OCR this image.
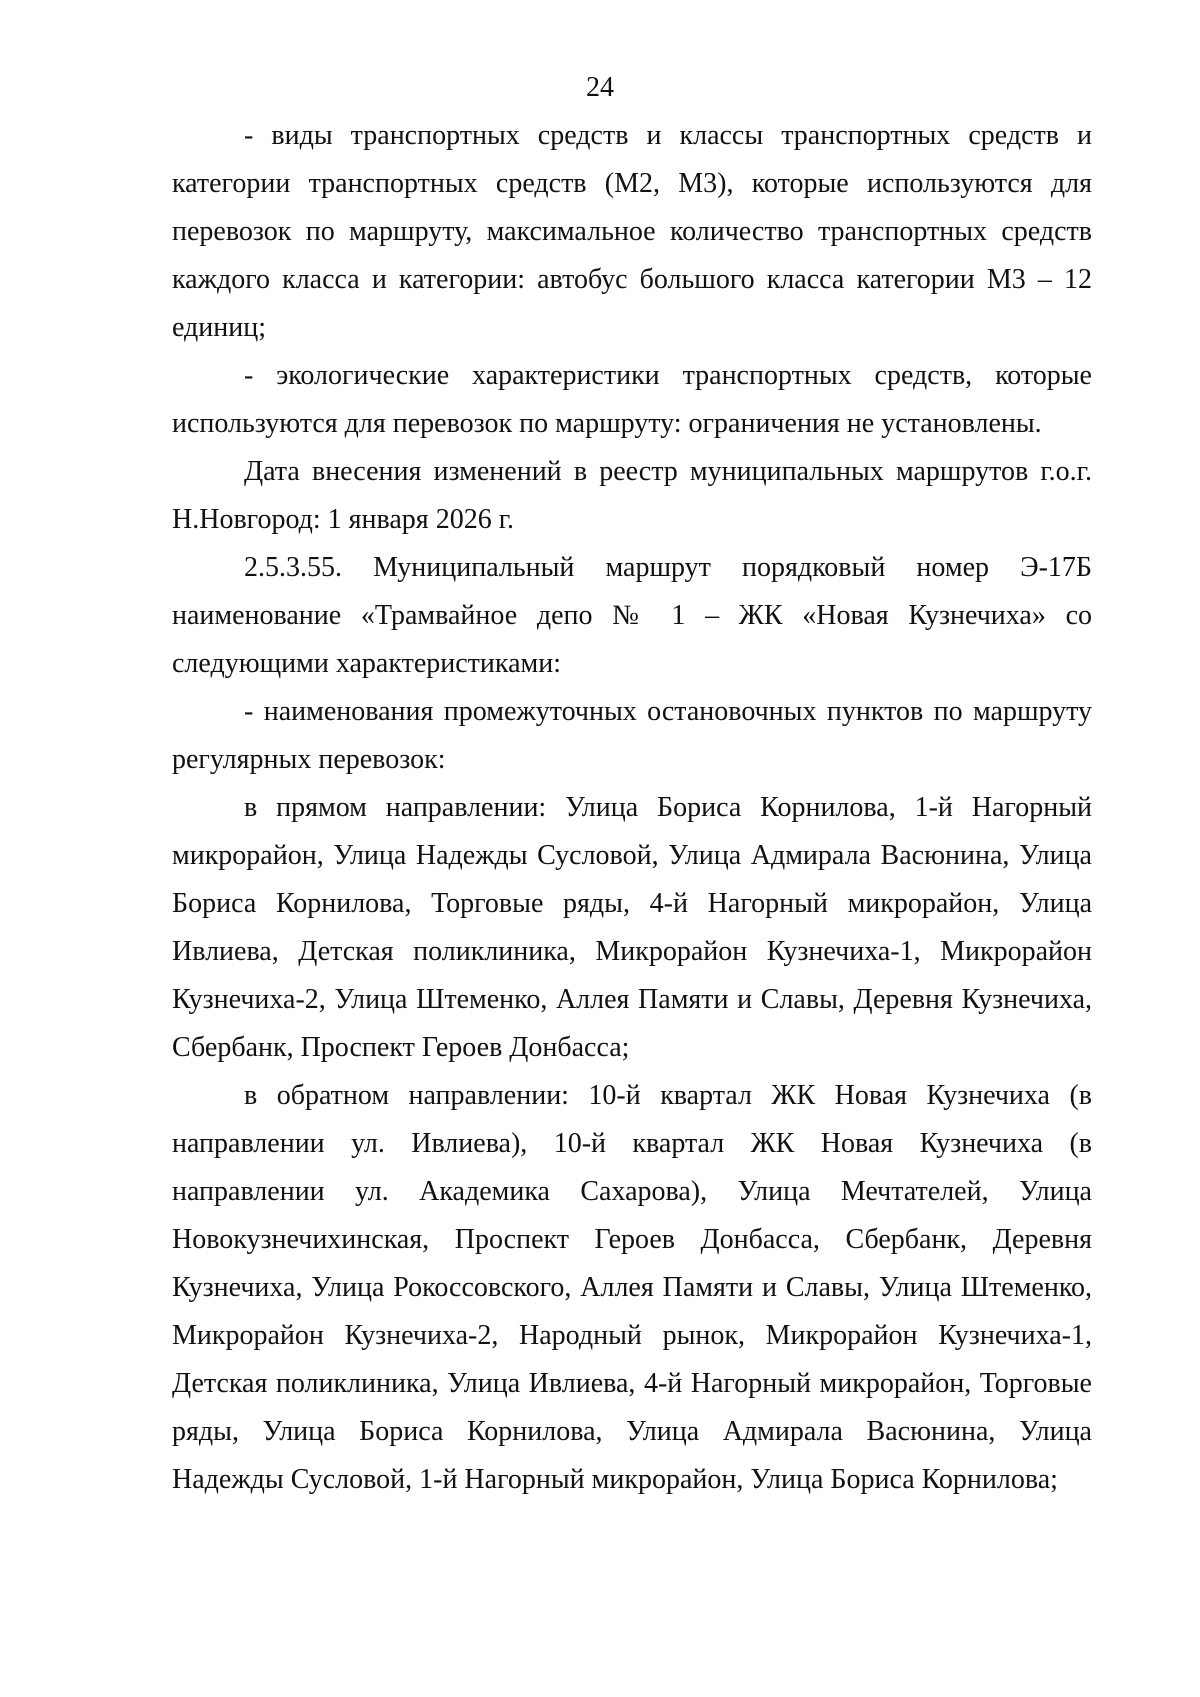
24

- виды транспортных средств и классы транспортных средств и категории транспортных средств (М2, М3), которые используются для перевозок по маршруту, максимальное количество транспортных средств каждого класса и категории: автобус большого класса категории М3 – 12 единиц;

- экологические характеристики транспортных средств, которые используются для перевозок по маршруту: ограничения не установлены.

Дата внесения изменений в реестр муниципальных маршрутов г.о.г. Н.Новгород: 1 января 2026 г.

2.5.3.55. Муниципальный маршрут порядковый номер Э-17Б наименование «Трамвайное депо № 1 – ЖК «Новая Кузнечиха» со следующими характеристиками:

- наименования промежуточных остановочных пунктов по маршруту регулярных перевозок:

в прямом направлении: Улица Бориса Корнилова, 1-й Нагорный микрорайон, Улица Надежды Сусловой, Улица Адмирала Васюнина, Улица Бориса Корнилова, Торговые ряды, 4-й Нагорный микрорайон, Улица Ивлиева, Детская поликлиника, Микрорайон Кузнечиха-1, Микрорайон Кузнечиха-2, Улица Штеменко, Аллея Памяти и Славы, Деревня Кузнечиха, Сбербанк, Проспект Героев Донбасса;

в обратном направлении: 10-й квартал ЖК Новая Кузнечиха (в направлении ул. Ивлиева), 10-й квартал ЖК Новая Кузнечиха (в направлении ул. Академика Сахарова), Улица Мечтателей, Улица Новокузнечихинская, Проспект Героев Донбасса, Сбербанк, Деревня Кузнечиха, Улица Рокоссовского, Аллея Памяти и Славы, Улица Штеменко, Микрорайон Кузнечиха-2, Народный рынок, Микрорайон Кузнечиха-1, Детская поликлиника, Улица Ивлиева, 4-й Нагорный микрорайон, Торговые ряды, Улица Бориса Корнилова, Улица Адмирала Васюнина, Улица Надежды Сусловой, 1-й Нагорный микрорайон, Улица Бориса Корнилова;
